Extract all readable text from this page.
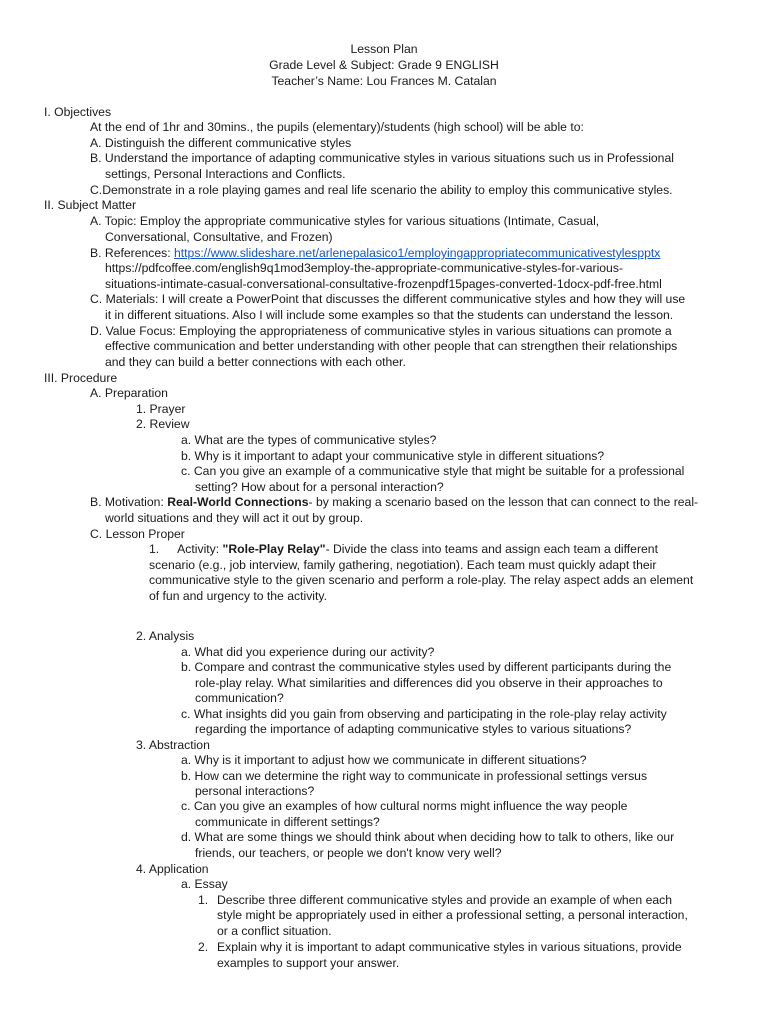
Lesson Plan
Grade Level & Subject: Grade 9 ENGLISH
Teacher’s Name: Lou Frances M. Catalan
I. Objectives
At the end of 1hr and 30mins., the pupils (elementary)/students (high school) will be able to:
A. Distinguish the different communicative styles
B. Understand the importance of adapting communicative styles in various situations such us in Professional
settings, Personal Interactions and Conflicts.
C.Demonstrate in a role playing games and real life scenario the ability to employ this communicative styles.
II. Subject Matter
A. Topic: Employ the appropriate communicative styles for various situations (Intimate, Casual,
Conversational, Consultative, and Frozen)
B. References: https://www.slideshare.net/arlenepalasico1/employingappropriatecommunicativestylespptx
https://pdfcoffee.com/english9q1mod3employ-the-appropriate-communicative-styles-for-various-
situations-intimate-casual-conversational-consultative-frozenpdf15pages-converted-1docx-pdf-free.html
C. Materials: I will create a PowerPoint that discusses the different communicative styles and how they will use
it in different situations. Also I will include some examples so that the students can understand the lesson.
D. Value Focus: Employing the appropriateness of communicative styles in various situations can promote a
effective communication and better understanding with other people that can strengthen their relationships
and they can build a better connections with each other.
III. Procedure
A. Preparation
1. Prayer
2. Review
a. What are the types of communicative styles?
b. Why is it important to adapt your communicative style in different situations?
c. Can you give an example of a communicative style that might be suitable for a professional
setting? How about for a personal interaction?
B. Motivation: Real-World Connections- by making a scenario based on the lesson that can connect to the real-
world situations and they will act it out by group.
C. Lesson Proper
1. Activity: "Role-Play Relay"- Divide the class into teams and assign each team a different
scenario (e.g., job interview, family gathering, negotiation). Each team must quickly adapt their
communicative style to the given scenario and perform a role-play. The relay aspect adds an element
of fun and urgency to the activity.
2. Analysis
a. What did you experience during our activity?
b. Compare and contrast the communicative styles used by different participants during the
role-play relay. What similarities and differences did you observe in their approaches to
communication?
c. What insights did you gain from observing and participating in the role-play relay activity
regarding the importance of adapting communicative styles to various situations?
3. Abstraction
a. Why is it important to adjust how we communicate in different situations?
b. How can we determine the right way to communicate in professional settings versus
personal interactions?
c. Can you give an examples of how cultural norms might influence the way people
communicate in different settings?
d. What are some things we should think about when deciding how to talk to others, like our
friends, our teachers, or people we don't know very well?
4. Application
a. Essay
1. Describe three different communicative styles and provide an example of when each
style might be appropriately used in either a professional setting, a personal interaction,
or a conflict situation.
2. Explain why it is important to adapt communicative styles in various situations, provide
examples to support your answer.
